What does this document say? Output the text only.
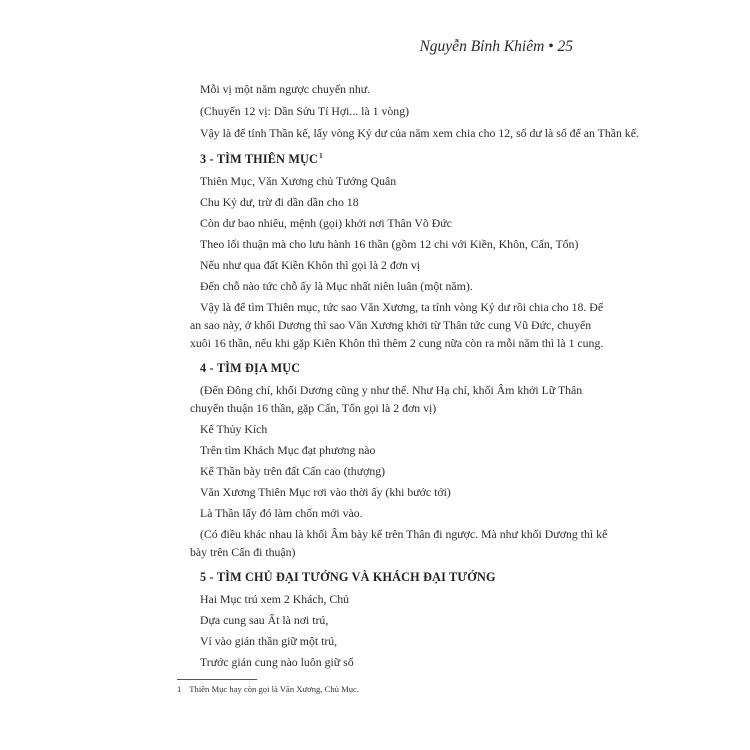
Nguyễn Bỉnh Khiêm • 25
Mỗi vị một năm ngược chuyển như.
(Chuyển 12 vị: Dần Sửu Tí Hợi... là 1 vòng)
Vậy là để tính Thần kế, lấy vòng Kỷ dư của năm xem chia cho 12, số dư là số để an Thần kế.
3 - TÌM THIÊN MỤC$^1$
Thiên Mục, Văn Xương chủ Tướng Quân
Chu Kỷ dư, trừ đi dần dần cho 18
Còn dư bao nhiêu, mệnh (gọi) khởi nơi Thân Võ Đức
Theo lối thuận mà cho lưu hành 16 thần (gồm 12 chi với Kiền, Khôn, Cấn, Tốn)
Nếu như qua đất Kiền Khôn thì gọi là 2 đơn vị
Đến chỗ nào tức chỗ ấy là Mục nhất niên luân (một năm).
Vậy là để tìm Thiên mục, tức sao Văn Xương, ta tính vòng Kỷ dư rồi chia cho 18. Để
an sao này, ở khối Dương thì sao Văn Xương khởi từ Thân tức cung Vũ Đức, chuyển
xuôi 16 thần, nếu khi gặp Kiền Khôn thì thêm 2 cung nữa còn ra mỗi năm thì là 1 cung.
4 - TÌM ĐỊA MỤC
(Đến Đông chí, khối Dương cũng y như thế. Như Hạ chí, khối Âm khởi Lữ Thân
chuyển thuận 16 thần, gặp Cấn, Tốn gọi là 2 đơn vị)
Kể Thủy Kích
Trên tìm Khách Mục đạt phương nào
Kể Thần bày trên đất Cấn cao (thượng)
Văn Xương Thiên Mục rơi vào thời ấy (khi bước tới)
Là Thần lấy đó làm chốn mới vào.
(Có điều khác nhau là khối Âm bày kể trên Thân đi ngược. Mà như khối Dương thì kể
bày trên Cấn đi thuận)
5 - TÌM CHỦ ĐẠI TƯỚNG VÀ KHÁCH ĐẠI TƯỚNG
Hai Mục trú xem 2 Khách, Chủ
Dựa cung sau Ất là nơi trú,
Ví vào gián thần giữ một trú,
Trước gián cung nào luôn giữ số
1 Thiên Mục hay còn gọi là Văn Xương, Chủ Mục.
